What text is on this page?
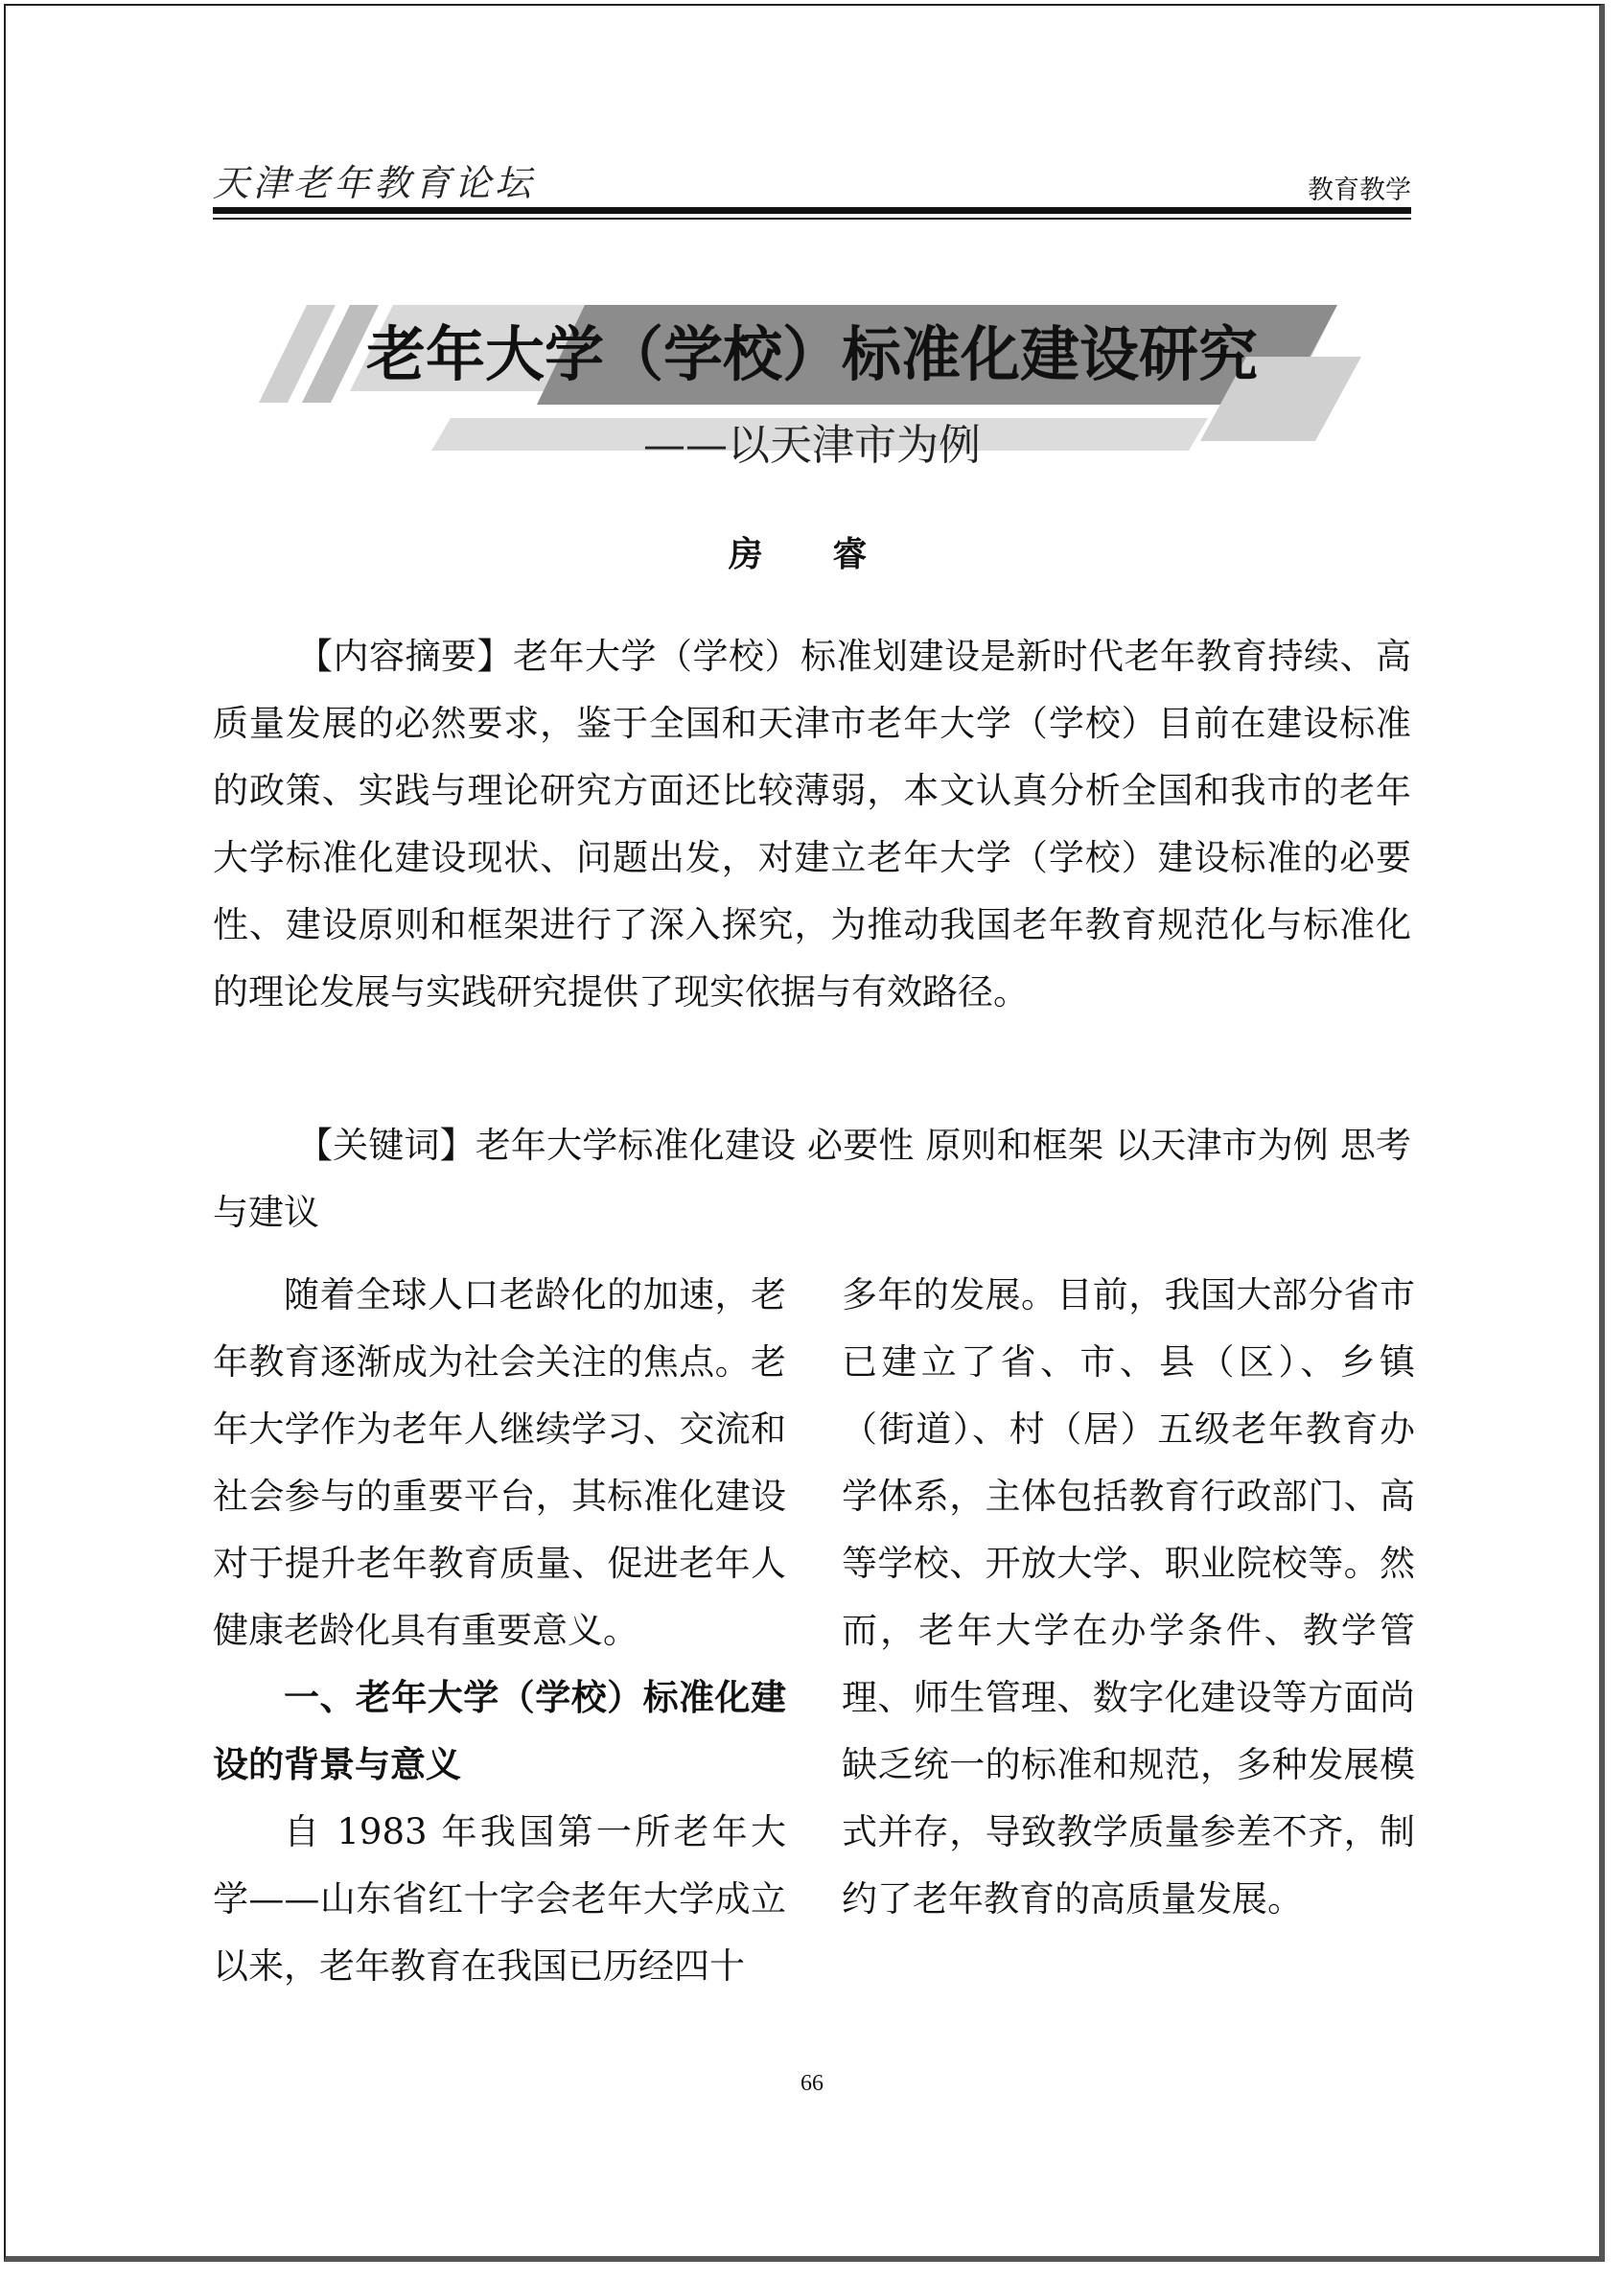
天津老年教育论坛	教育教学
老年大学（学校）标准化建设研究
——以天津市为例
房 睿
【内容摘要】老年大学（学校）标准划建设是新时代老年教育持续、高质量发展的必然要求，鉴于全国和天津市老年大学（学校）目前在建设标准的政策、实践与理论研究方面还比较薄弱，本文认真分析全国和我市的老年大学标准化建设现状、问题出发，对建立老年大学（学校）建设标准的必要性、建设原则和框架进行了深入探究，为推动我国老年教育规范化与标准化的理论发展与实践研究提供了现实依据与有效路径。
【关键词】老年大学标准化建设 必要性 原则和框架 以天津市为例 思考与建议

随着全球人口老龄化的加速，老年教育逐渐成为社会关注的焦点。老年大学作为老年人继续学习、交流和社会参与的重要平台，其标准化建设对于提升老年教育质量、促进老年人健康老龄化具有重要意义。

一、老年大学（学校）标准化建设的背景与意义

自 1983 年我国第一所老年大学——山东省红十字会老年大学成立以来，老年教育在我国已历经四十

多年的发展。目前，我国大部分省市已建立了省、市、县（区）、乡镇（街道）、村（居）五级老年教育办学体系，主体包括教育行政部门、高等学校、开放大学、职业院校等。然而，老年大学在办学条件、教学管理、师生管理、数字化建设等方面尚缺乏统一的标准和规范，多种发展模式并存，导致教学质量参差不齐，制约了老年教育的高质量发展。

66
